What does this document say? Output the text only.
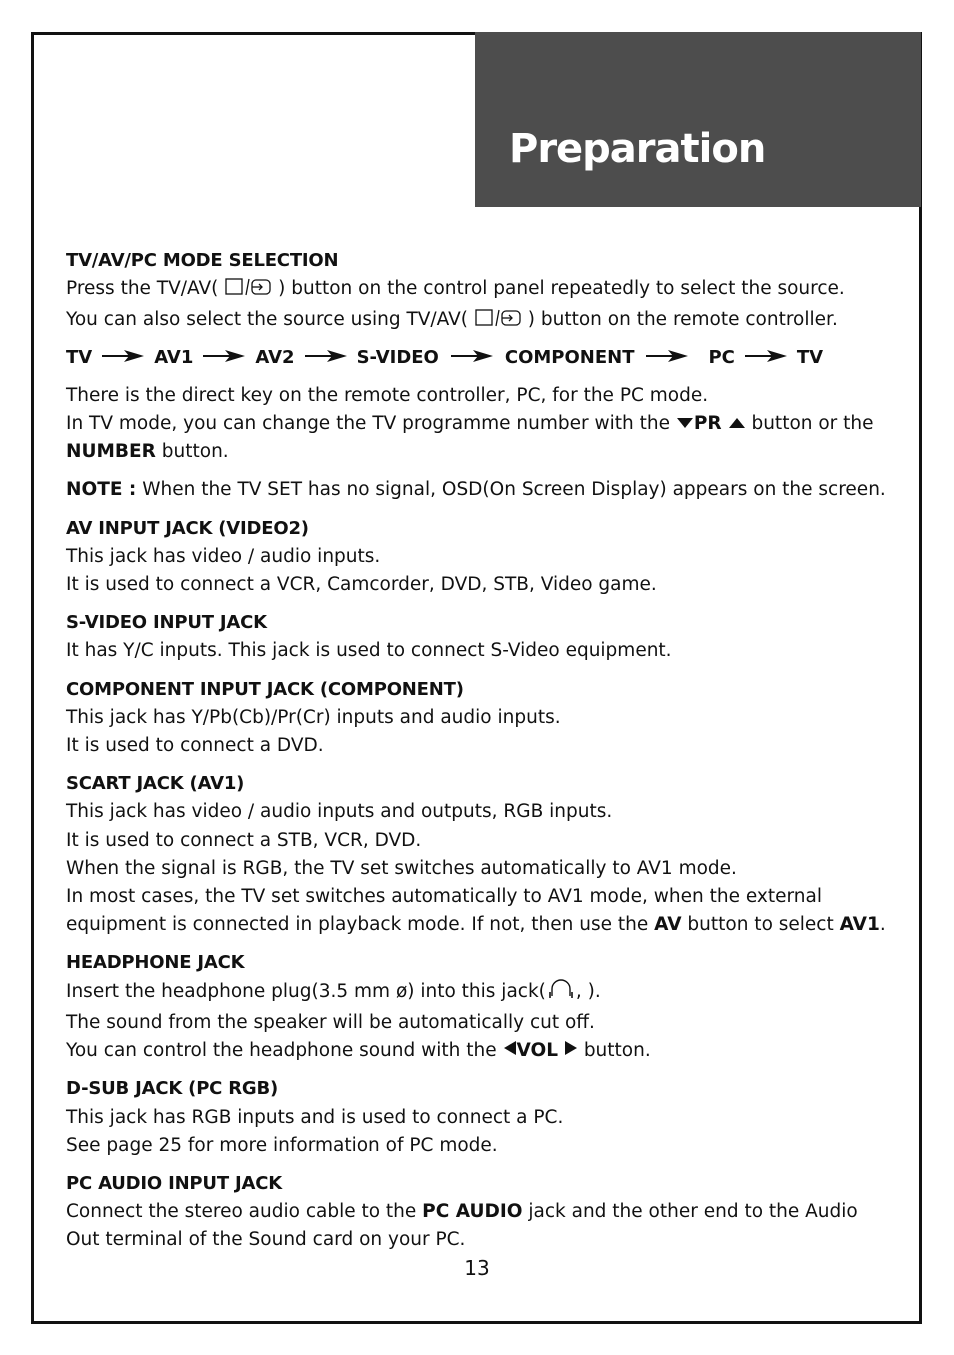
Preparation
TV/AV/PC MODE SELECTION
Press the TV/AV(	) button on the control panel repeatedly to select the source.
You can also select the source using TV/AV(	) button on the remote controller.
TV	AV1	AV2	S-VIDEO	COMPONENT	PC	TV
There is the direct key on the remote controller, PC, for the PC mode.
In TV mode, you can change the TV programme number with the PR button or the
NUMBER button.
NOTE : When the TV SET has no signal, OSD(On Screen Display) appears on the screen.
AV INPUT JACK (VIDEO2)
This jack has video / audio inputs.
It is used to connect a VCR, Camcorder, DVD, STB, Video game.
S-VIDEO INPUT JACK
It has Y/C inputs. This jack is used to connect S-Video equipment.
COMPONENT INPUT JACK (COMPONENT)
This jack has Y/Pb(Cb)/Pr(Cr) inputs and audio inputs.
It is used to connect a DVD.
SCART JACK (AV1)
This jack has video / audio inputs and outputs, RGB inputs.
It is used to connect a STB, VCR, DVD.
When the signal is RGB, the TV set switches automatically to AV1 mode.
In most cases, the TV set switches automatically to AV1 mode, when the external equipment is connected in playback mode. If not, then use the AV button to select AV1.
HEADPHONE JACK
Insert the headphone plug(3.5 mm ø) into this jack( , ).
The sound from the speaker will be automatically cut off.
You can control the headphone sound with the VOL button.
D-SUB JACK (PC RGB)
This jack has RGB inputs and is used to connect a PC.
See page 25 for more information of PC mode.
PC AUDIO INPUT JACK
Connect the stereo audio cable to the PC AUDIO jack and the other end to the Audio Out terminal of the Sound card on your PC.
13
